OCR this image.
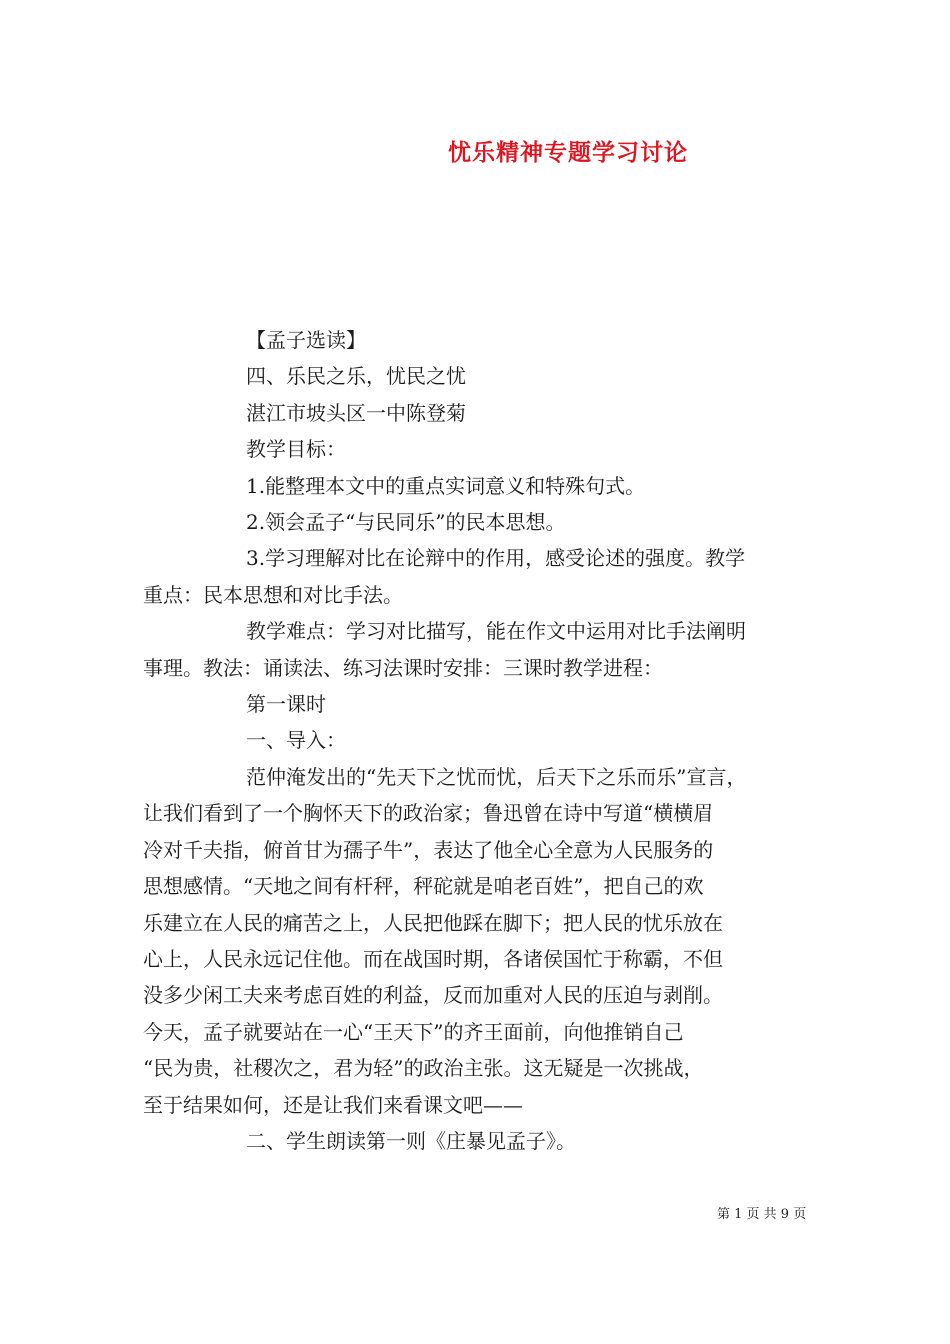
忧乐精神专题学习讨论

【孟子选读】

四、乐民之乐，忧民之忧

湛江市坡头区一中陈登菊

教学目标：

1.能整理本文中的重点实词意义和特殊句式。

2.领会孟子“与民同乐”的民本思想。

3.学习理解对比在论辩中的作用，感受论述的强度。教学

重点：民本思想和对比手法。

教学难点：学习对比描写，能在作文中运用对比手法阐明

事理。教法：诵读法、练习法课时安排：三课时教学进程：

第一课时

一、导入：

范仲淹发出的“先天下之忧而忧，后天下之乐而乐”宣言，

让我们看到了一个胸怀天下的政治家；鲁迅曾在诗中写道“横横眉

冷对千夫指，俯首甘为孺子牛”，表达了他全心全意为人民服务的

思想感情。“天地之间有杆秤，秤砣就是咱老百姓”，把自己的欢

乐建立在人民的痛苦之上，人民把他踩在脚下；把人民的忧乐放在

心上，人民永远记住他。而在战国时期，各诸侯国忙于称霸，不但

没多少闲工夫来考虑百姓的利益，反而加重对人民的压迫与剥削。

今天，孟子就要站在一心“王天下”的齐王面前，向他推销自己

“民为贵，社稷次之，君为轻”的政治主张。这无疑是一次挑战，

至于结果如何，还是让我们来看课文吧——

二、学生朗读第一则《庄暴见孟子》。

第 1 页 共 9 页
